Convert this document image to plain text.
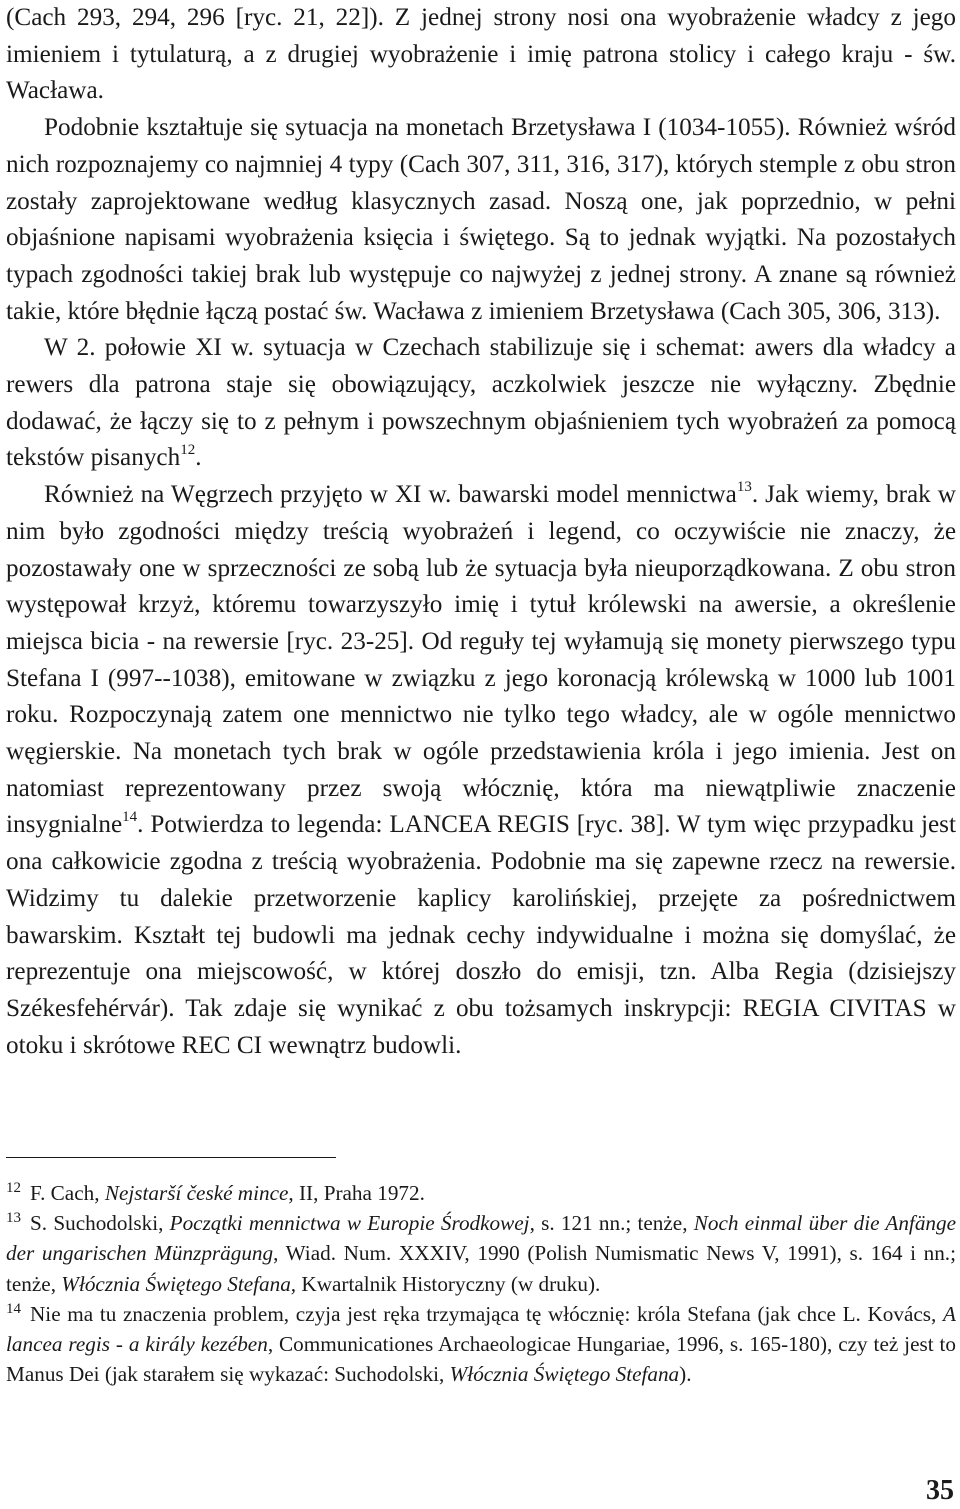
(Cach 293, 294, 296 [ryc. 21, 22]). Z jednej strony nosi ona wyobrażenie władcy z jego imieniem i tytulaturą, a z drugiej wyobrażenie i imię patrona stolicy i całego kraju - św. Wacława.

Podobnie kształtuje się sytuacja na monetach Brzetysława I (1034-1055). Również wśród nich rozpoznajemy co najmniej 4 typy (Cach 307, 311, 316, 317), których stemple z obu stron zostały zaprojektowane według klasycznych zasad. Noszą one, jak poprzednio, w pełni objaśnione napisami wyobrażenia księcia i świętego. Są to jednak wyjątki. Na pozostałych typach zgodności takiej brak lub występuje co najwyżej z jednej strony. A znane są również takie, które błędnie łączą postać św. Wacława z imieniem Brzetysława (Cach 305, 306, 313).

W 2. połowie XI w. sytuacja w Czechach stabilizuje się i schemat: awers dla władcy a rewers dla patrona staje się obowiązujący, aczkolwiek jeszcze nie wyłączny. Zbędnie dodawać, że łączy się to z pełnym i powszechnym objaśnieniem tych wyobrażeń za pomocą tekstów pisanych$^{12}$.

Również na Węgrzech przyjęto w XI w. bawarski model mennictwa$^{13}$. Jak wiemy, brak w nim było zgodności między treścią wyobrażeń i legend, co oczywiście nie znaczy, że pozostawały one w sprzeczności ze sobą lub że sytuacja była nieuporządkowana. Z obu stron występował krzyż, któremu towarzyszyło imię i tytuł królewski na awersie, a określenie miejsca bicia - na rewersie [ryc. 23-25]. Od reguły tej wyłamują się monety pierwszego typu Stefana I (997--1038), emitowane w związku z jego koronacją królewską w 1000 lub 1001 roku. Rozpoczynają zatem one mennictwo nie tylko tego władcy, ale w ogóle mennictwo węgierskie. Na monetach tych brak w ogóle przedstawienia króla i jego imienia. Jest on natomiast reprezentowany przez swoją włócznię, która ma niewątpliwie znaczenie insygnialne$^{14}$. Potwierdza to legenda: LANCEA REGIS [ryc. 38]. W tym więc przypadku jest ona całkowicie zgodna z treścią wyobrażenia. Podobnie ma się zapewne rzecz na rewersie. Widzimy tu dalekie przetworzenie kaplicy karolińskiej, przejęte za pośrednictwem bawarskim. Kształt tej budowli ma jednak cechy indywidualne i można się domyślać, że reprezentuje ona miejscowość, w której doszło do emisji, tzn. Alba Regia (dzisiejszy Székesfehérvár). Tak zdaje się wynikać z obu tożsamych inskrypcji: REGIA CIVITAS w otoku i skrótowe REC CI wewnątrz budowli.

$^{12}$ F. Cach, Nejstarší české mince, II, Praha 1972.

$^{13}$ S. Suchodolski, Początki mennictwa w Europie Środkowej, s. 121 nn.; tenże, Noch einmal über die Anfänge der ungarischen Münzprägung, Wiad. Num. XXXIV, 1990 (Polish Numismatic News V, 1991), s. 164 i nn.; tenże, Włócznia Świętego Stefana, Kwartalnik Historyczny (w druku).

$^{14}$ Nie ma tu znaczenia problem, czyja jest ręka trzymająca tę włócznię: króla Stefana (jak chce L. Kovács, A lancea regis - a király kezében, Communicationes Archaeologicae Hungariae, 1996, s. 165-180), czy też jest to Manus Dei (jak starałem się wykazać: Suchodolski, Włócznia Świętego Stefana).

35
